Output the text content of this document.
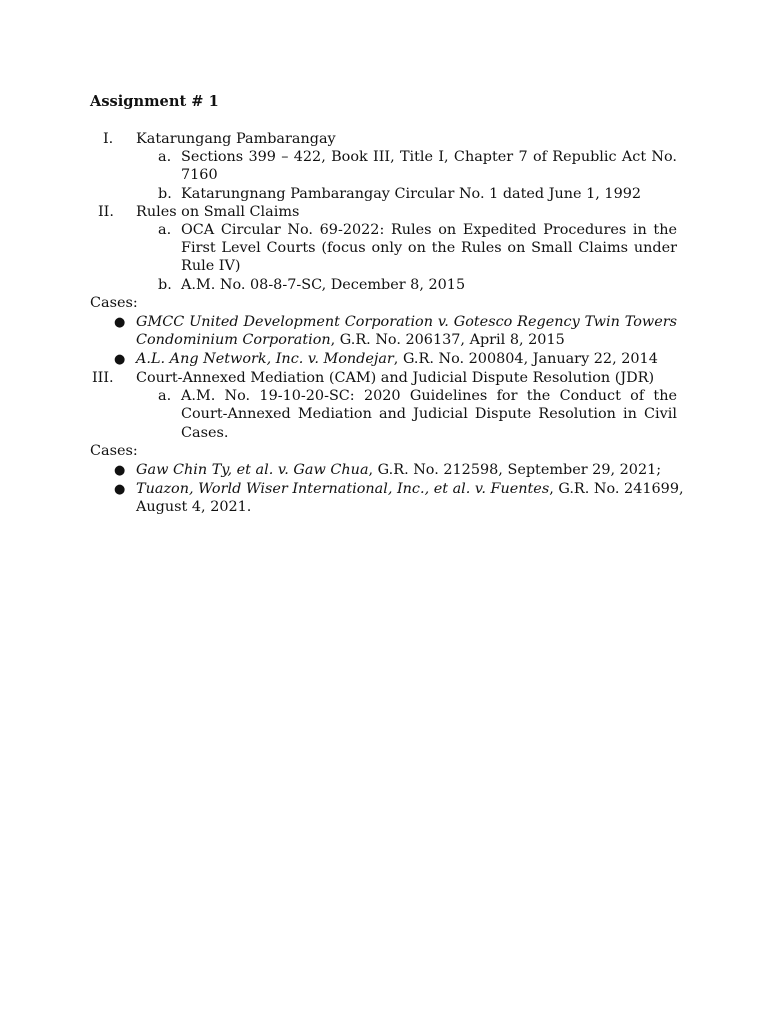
Assignment # 1
I. Katarungang Pambarangay
a. Sections 399 – 422, Book III, Title I, Chapter 7 of Republic Act No.
7160
b. Katarungnang Pambarangay Circular No. 1 dated June 1, 1992
II. Rules on Small Claims
a. OCA Circular No. 69-2022: Rules on Expedited Procedures in the
First Level Courts (focus only on the Rules on Small Claims under
Rule IV)
b. A.M. No. 08-8-7-SC, December 8, 2015
Cases:
● GMCC United Development Corporation v. Gotesco Regency Twin Towers
Condominium Corporation, G.R. No. 206137, April 8, 2015
● A.L. Ang Network, Inc. v. Mondejar, G.R. No. 200804, January 22, 2014
III. Court-Annexed Mediation (CAM) and Judicial Dispute Resolution (JDR)
a. A.M. No. 19-10-20-SC: 2020 Guidelines for the Conduct of the
Court-Annexed Mediation and Judicial Dispute Resolution in Civil
Cases.
Cases:
● Gaw Chin Ty, et al. v. Gaw Chua, G.R. No. 212598, September 29, 2021;
● Tuazon, World Wiser International, Inc., et al. v. Fuentes, G.R. No. 241699,
August 4, 2021.
